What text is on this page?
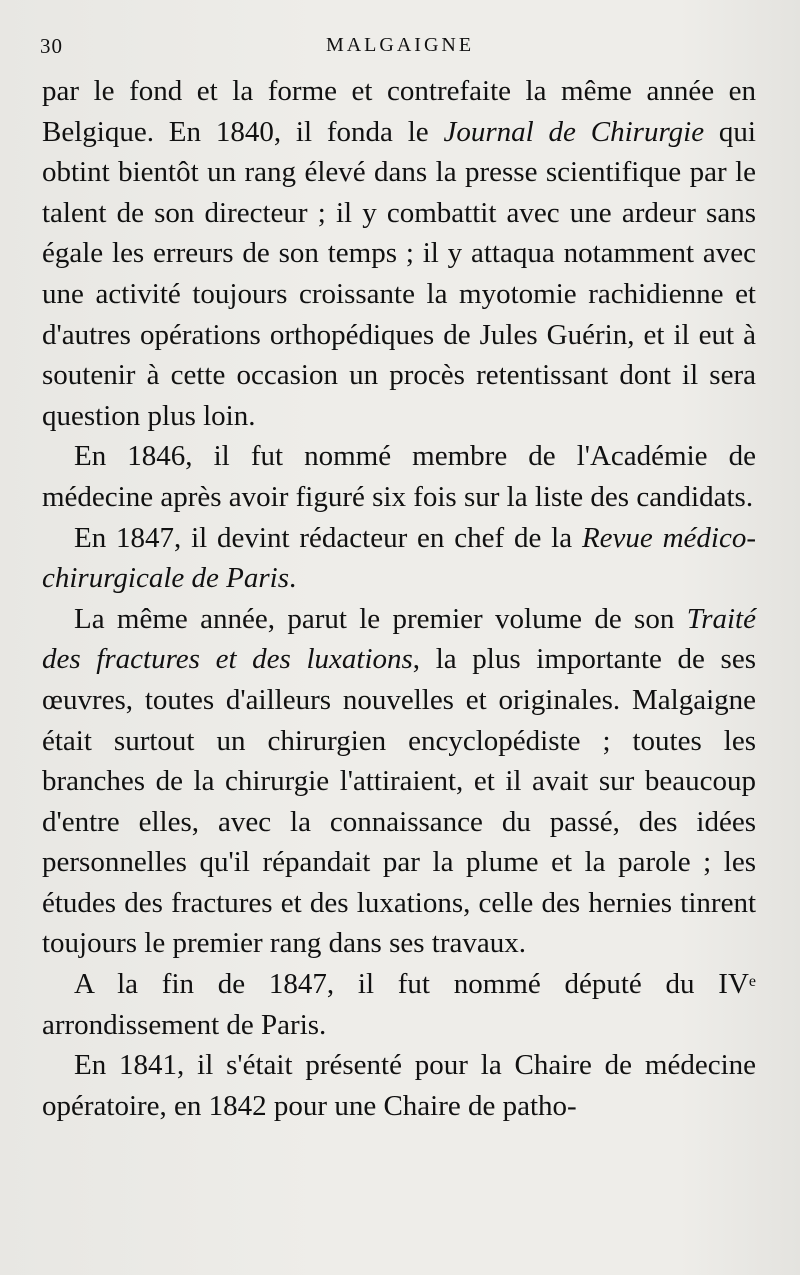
30	MALGAIGNE

par le fond et la forme et contrefaite la même année en Belgique. En 1840, il fonda le Journal de Chirurgie qui obtint bientôt un rang élevé dans la presse scientifique par le talent de son directeur ; il y combattit avec une ardeur sans égale les erreurs de son temps ; il y attaqua notamment avec une activité toujours croissante la myotomie rachidienne et d'autres opérations orthopédiques de Jules Guérin, et il eut à soutenir à cette occasion un procès retentissant dont il sera question plus loin.

En 1846, il fut nommé membre de l'Académie de médecine après avoir figuré six fois sur la liste des candidats.

En 1847, il devint rédacteur en chef de la Revue médico-chirurgicale de Paris.

La même année, parut le premier volume de son Traité des fractures et des luxations, la plus importante de ses œuvres, toutes d'ailleurs nouvelles et originales. Malgaigne était surtout un chirurgien encyclopédiste ; toutes les branches de la chirurgie l'attiraient, et il avait sur beaucoup d'entre elles, avec la connaissance du passé, des idées personnelles qu'il répandait par la plume et la parole ; les études des fractures et des luxations, celle des hernies tinrent toujours le premier rang dans ses travaux.

A la fin de 1847, il fut nommé député du IVe arrondissement de Paris.

En 1841, il s'était présenté pour la Chaire de médecine opératoire, en 1842 pour une Chaire de patho-
